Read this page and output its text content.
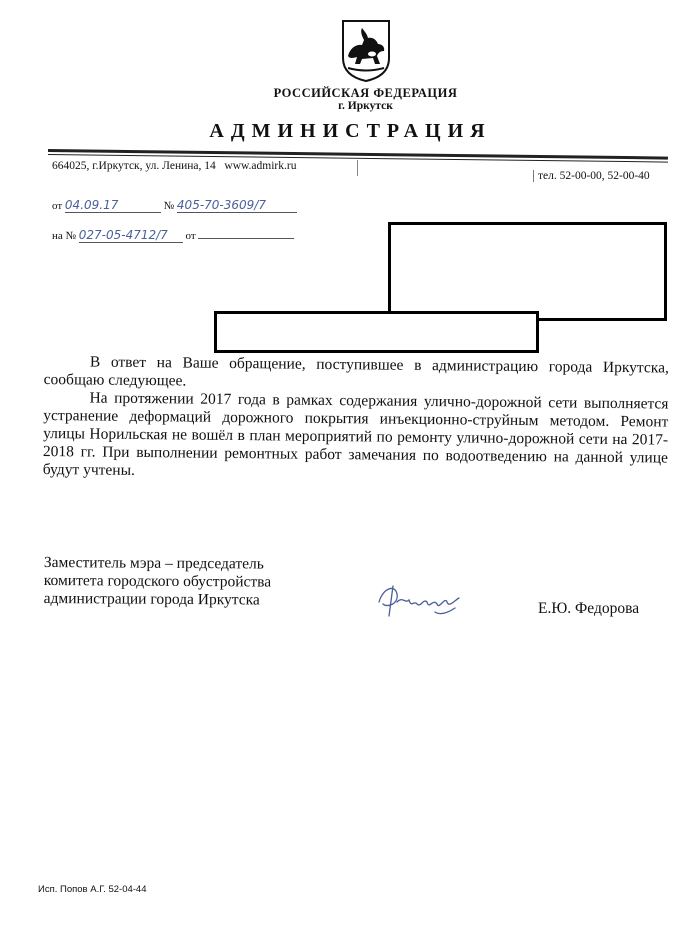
РОССИЙСКАЯ ФЕДЕРАЦИЯ
г. Иркутск
АДМИНИСТРАЦИЯ
664025, г.Иркутск, ул. Ленина, 14 www.admirk.ru
тел. 52-00-00, 52-00-40
от 04.09.17	№ 405-70-3609/7
на № 027-05-4712/7 от

В ответ на Ваше обращение, поступившее в администрацию города Иркутска, сообщаю следующее.

На протяжении 2017 года в рамках содержания улично-дорожной сети выполняется устранение деформаций дорожного покрытия инъекционно-струйным методом. Ремонт улицы Норильская не вошёл в план мероприятий по ремонту улично-дорожной сети на 2017-2018 гг. При выполнении ремонтных работ замечания по водоотведению на данной улице будут учтены.

Заместитель мэра – председатель
комитета городского обустройства
администрации города Иркутска	Е.Ю. Федорова
Исп. Попов А.Г. 52-04-44
